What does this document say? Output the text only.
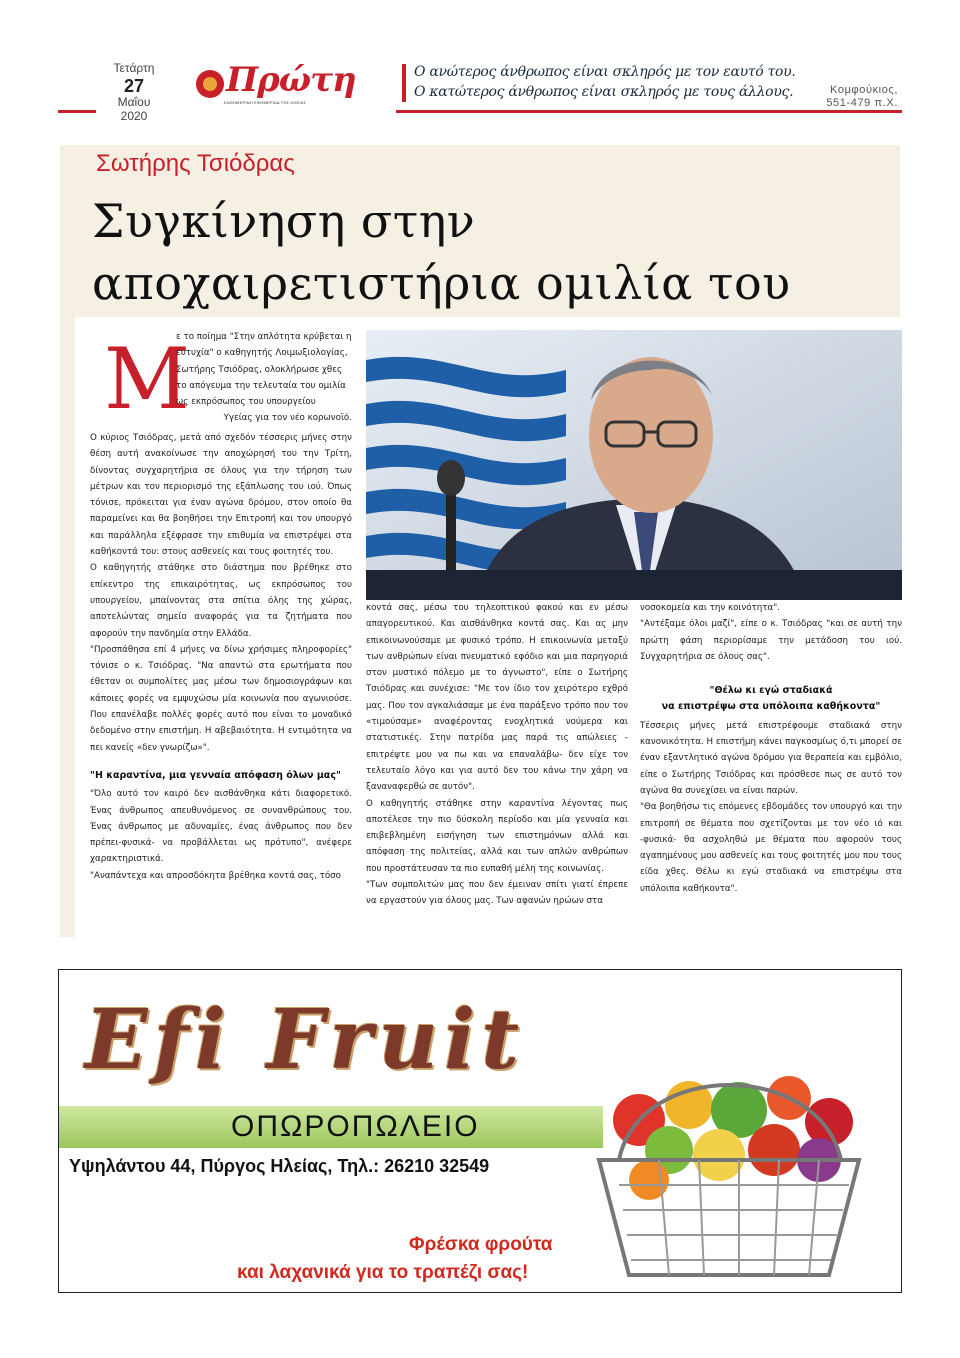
Τετάρτη
27
Μαΐου
2020
Πρώτη
ΚΑΘΗΜΕΡΙΝΗ ΕΦΗΜΕΡΙΔΑ ΤΗΣ ΗΛΕΙΑΣ
Ο ανώτερος άνθρωπος είναι σκληρός με τον εαυτό του.
Ο κατώτερος άνθρωπος είναι σκληρός με τους άλλους.	Κομφούκιος,
551-479 π.Χ.
Σωτήρης Τσιόδρας
Συγκίνηση στην
αποχαιρετιστήρια ομιλία του
Μ

ε το ποίημα "Στην απλότητα κρύβεται η

ευτυχία" ο καθηγητής Λοιμωξιολογίας,

Σωτήρης Τσιόδρας, ολοκλήρωσε χθες

το απόγευμα την τελευταία του ομιλία

ως εκπρόσωπος του υπουργείου

Υγείας για τον νέο κορωνοϊό.

Ο κύριος Τσιόδρας, μετά από σχεδόν τέσσερις μήνες στην θέση αυτή ανακοίνωσε την αποχώρησή του την Τρίτη, δίνοντας συγχαρητήρια σε όλους για την τήρηση των μέτρων και τον περιορισμό της εξάπλωσης του ιού. Όπως τόνισε, πρόκειται για έναν αγώνα δρόμου, στον οποίο θα παραμείνει και θα βοηθήσει την Επιτροπή και τον υπουργό και παράλληλα εξέφρασε την επιθυμία να επιστρέψει στα καθήκοντά του: στους ασθενείς και τους φοιτητές του.

Ο καθηγητής στάθηκε στο διάστημα που βρέθηκε στο επίκεντρο της επικαιρότητας, ως εκπρόσωπος του υπουργείου, μπαίνοντας στα σπίτια όλης της χώρας, αποτελώντας σημείο αναφοράς για τα ζητήματα που αφορούν την πανδημία στην Ελλάδα.

"Προσπάθησα επί 4 μήνες να δίνω χρήσιμες πληροφορίες" τόνισε ο κ. Τσιόδρας. "Να απαντώ στα ερωτήματα που έθεταν οι συμπολίτες μας μέσω των δημοσιογράφων και κάποιες φορές να εμψυχώσω μία κοινωνία που αγωνιούσε. Που επανέλαβε πολλές φορές αυτό που είναι το μοναδικό δεδομένο στην επιστήμη. Η αβεβαιότητα. Η εντιμότητα να πει κανείς «δεν γνωρίζω»".

"Η καραντίνα, μια γενναία απόφαση όλων μας"

"Όλο αυτό τον καιρό δεν αισθάνθηκα κάτι διαφορετικό. Ένας άνθρωπος απευθυνόμενος σε συνανθρώπους του. Ένας άνθρωπος με αδυναμίες, ένας άνθρωπος που δεν πρέπει-φυσικά- να προβάλλεται ως πρότυπο", ανέφερε χαρακτηριστικά.

"Αναπάντεχα και απροσδόκητα βρέθηκα κοντά σας, τόσο

κοντά σας, μέσω του τηλεοπτικού φακού και εν μέσω απαγορευτικού. Και αισθάνθηκα κοντά σας. Και ας μην επικοινωνούσαμε με φυσικό τρόπο. Η επικοινωνία μεταξύ των ανθρώπων είναι πνευματικό εφόδιο και μια παρηγοριά στον μυστικό πόλεμο με το άγνωστο", είπε ο Σωτήρης Τσιόδρας και συνέχισε: "Με τον ίδιο τον χειρότερο εχθρό μας. Που τον αγκαλιάσαμε με ένα παράξενο τρόπο που τον «τιμούσαμε» αναφέροντας ενοχλητικά νούμερα και στατιστικές. Στην πατρίδα μας παρά τις απώλειες - επιτρέψτε μου να πω και να επαναλάβω- δεν είχε τον τελευταίο λόγο και για αυτό δεν του κάνω την χάρη να ξαναναφερθώ σε αυτόν".

Ο καθηγητής στάθηκε στην καραντίνα λέγοντας πως αποτέλεσε την πιο δύσκολη περίοδο και μία γενναία και επιβεβλημένη εισήγηση των επιστημόνων αλλά και απόφαση της πολιτείας, αλλά και των απλών ανθρώπων που προστάτευσαν τα πιο ευπαθή μέλη της κοινωνίας.

"Των συμπολιτών μας που δεν έμειναν σπίτι γιατί έπρεπε να εργαστούν για όλους μας. Των αφανών ηρώων στα

νοσοκομεία και την κοινότητα".

"Αντέξαμε όλοι μαζί", είπε ο κ. Τσιόδρας "και σε αυτή την πρώτη φάση περιορίσαμε την μετάδοση του ιού. Συγχαρητήρια σε όλους σας".

"Θέλω κι εγώ σταδιακά
να επιστρέψω στα υπόλοιπα καθήκοντα"

Τέσσερις μήνες μετά επιστρέφουμε σταδιακά στην κανονικότητα. Η επιστήμη κάνει παγκοσμίως ό,τι μπορεί σε έναν εξαντλητικό αγώνα δρόμου για θεραπεία και εμβόλιο, είπε ο Σωτήρης Τσιόδρας και πρόσθεσε πως σε αυτό τον αγώνα θα συνεχίσει να είναι παρών.

"Θα βοηθήσω τις επόμενες εβδομάδες τον υπουργό και την επιτροπή σε θέματα που σχετίζονται με τον νέο ιό και -φυσικά- θα ασχοληθώ με θέματα που αφορούν τους αγαπημένους μου ασθενείς και τους φοιτητές μου που τους είδα χθες. Θέλω κι εγώ σταδιακά να επιστρέψω στα υπόλοιπα καθήκοντα".

Efi Fruit
ΟΠΩΡΟΠΩΛΕΙΟ
Υψηλάντου 44, Πύργος Ηλείας, Τηλ.: 26210 32549
Φρέσκα φρούτα
και λαχανικά για το τραπέζι σας!
